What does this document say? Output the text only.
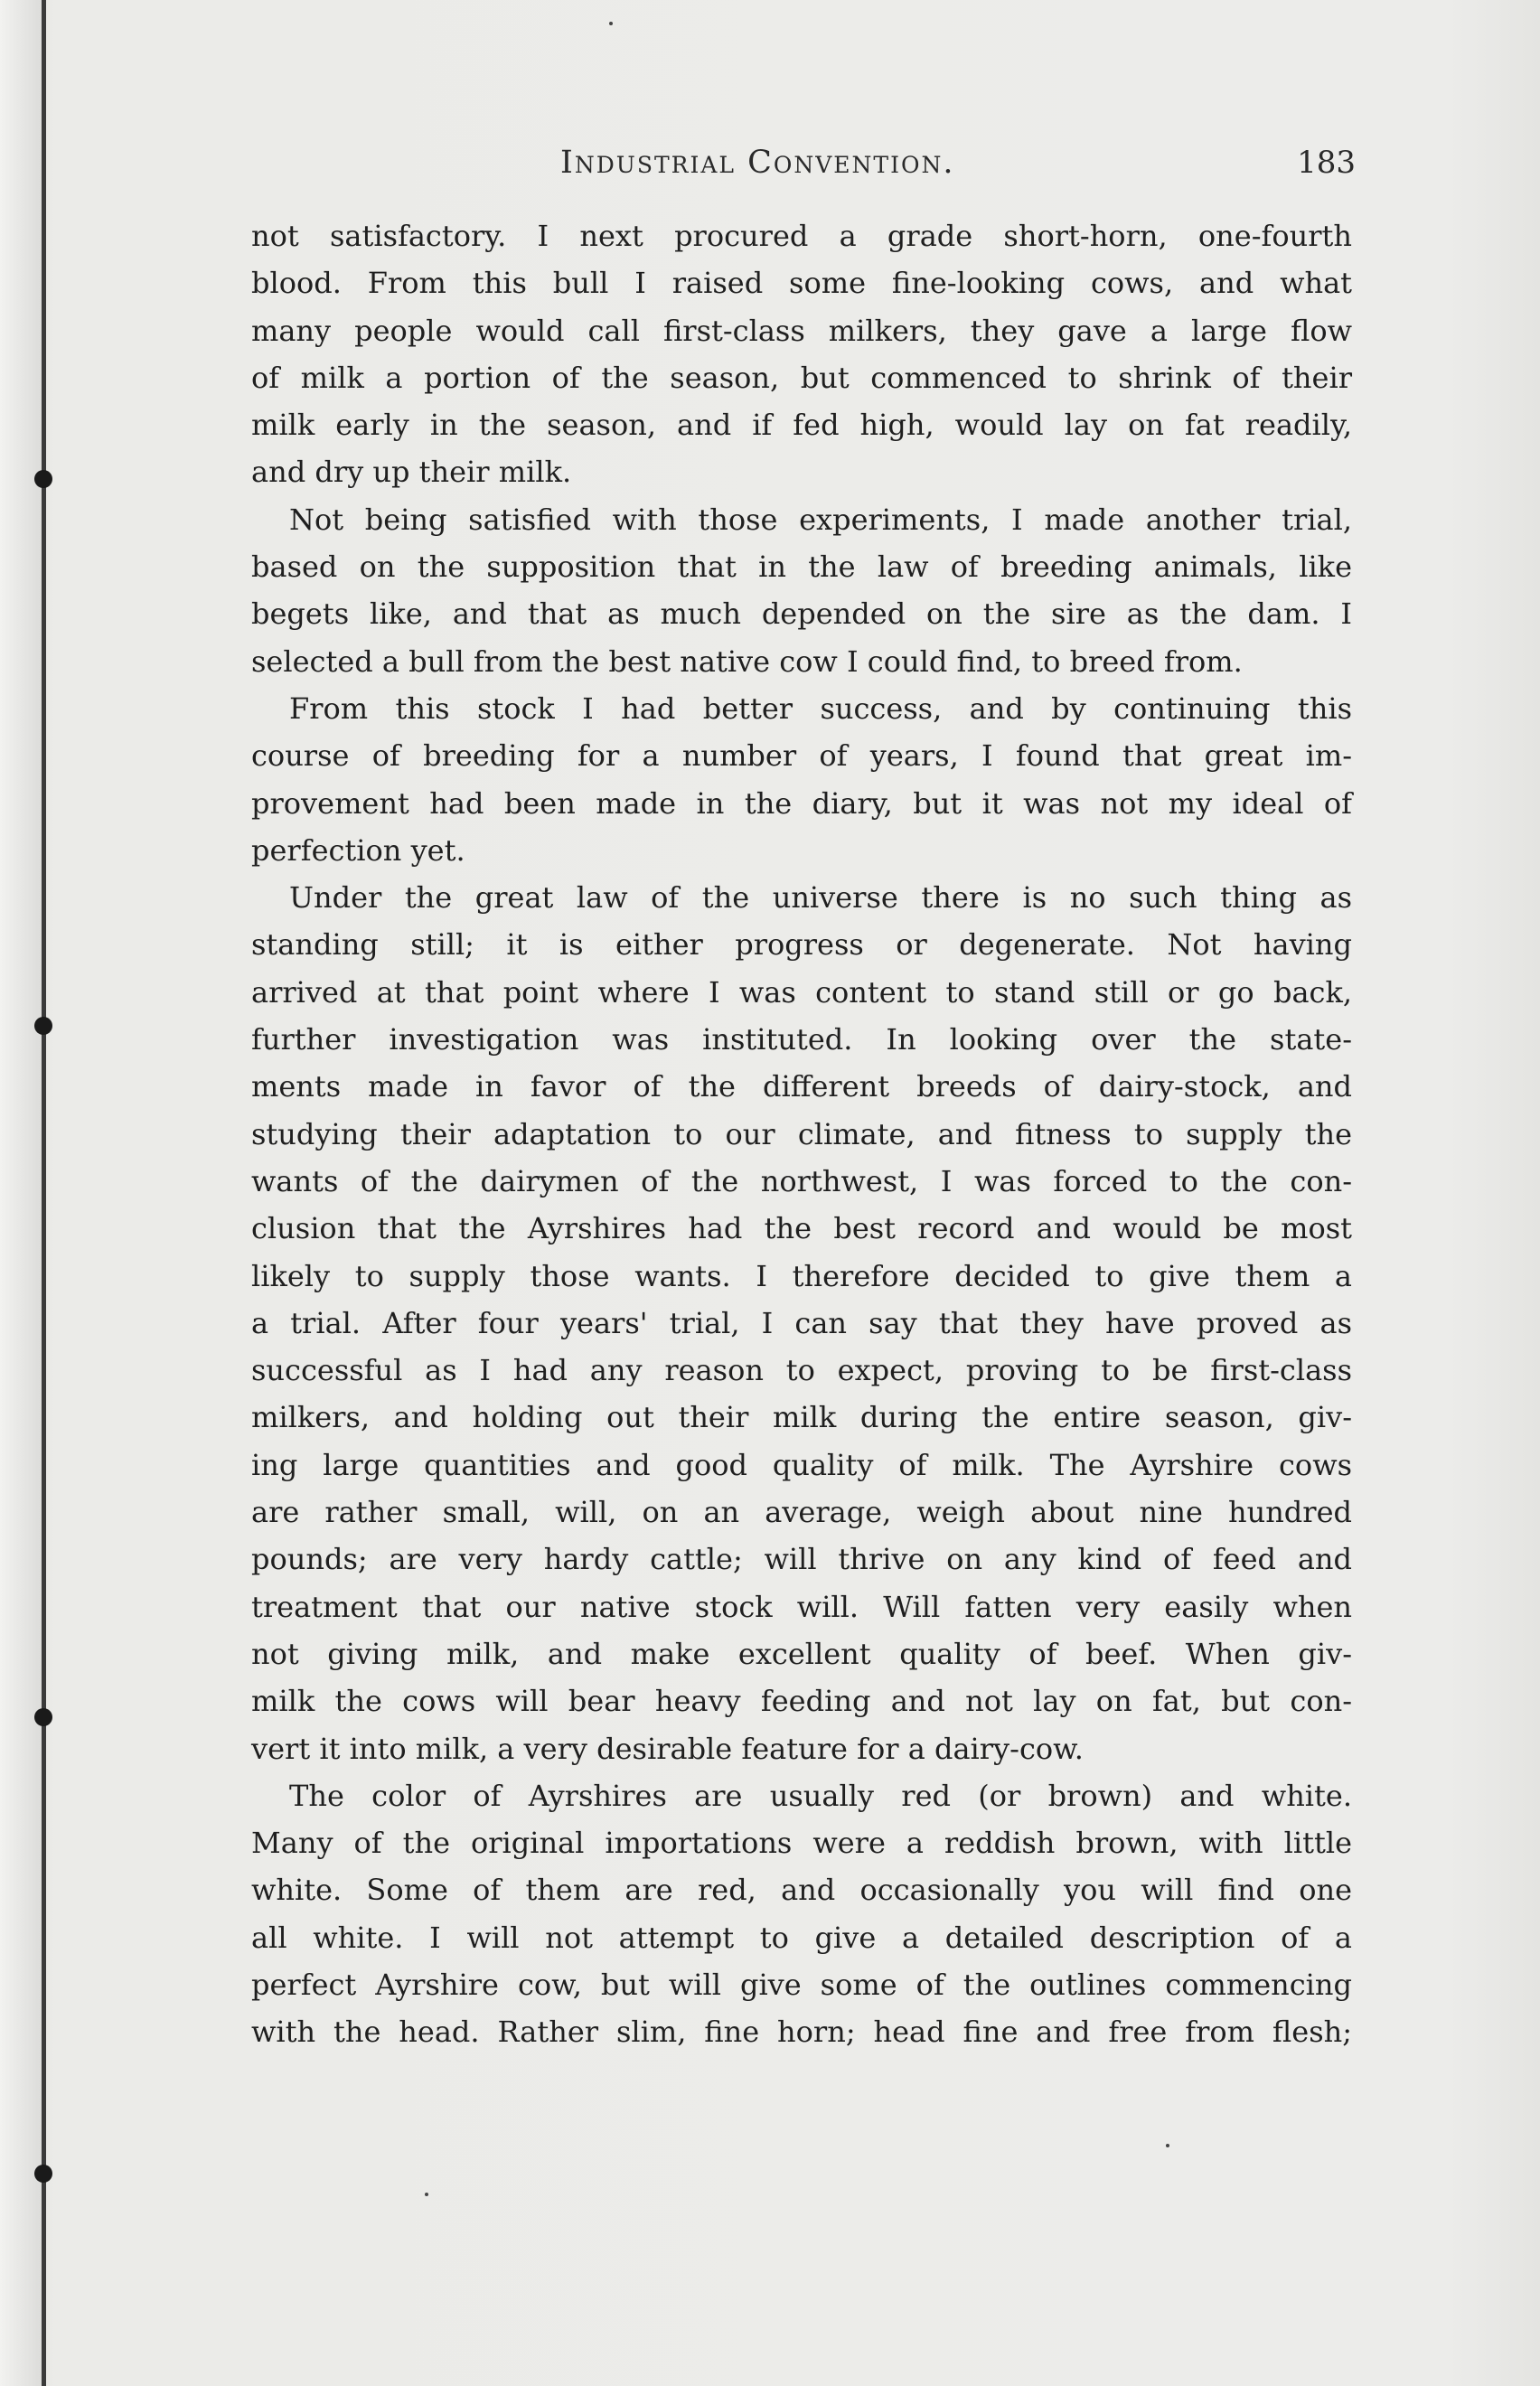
Industrial Convention.	183
not satisfactory. I next procured a grade short-horn, one-fourth
blood. From this bull I raised some fine-looking cows, and what
many people would call first-class milkers, they gave a large flow
of milk a portion of the season, but commenced to shrink of their
milk early in the season, and if fed high, would lay on fat readily,
and dry up their milk.
Not being satisfied with those experiments, I made another trial,
based on the supposition that in the law of breeding animals, like
begets like, and that as much depended on the sire as the dam. I
selected a bull from the best native cow I could find, to breed from.
From this stock I had better success, and by continuing this
course of breeding for a number of years, I found that great im-
provement had been made in the diary, but it was not my ideal of
perfection yet.
Under the great law of the universe there is no such thing as
standing still; it is either progress or degenerate. Not having
arrived at that point where I was content to stand still or go back,
further investigation was instituted. In looking over the state-
ments made in favor of the different breeds of dairy-stock, and
studying their adaptation to our climate, and fitness to supply the
wants of the dairymen of the northwest, I was forced to the con-
clusion that the Ayrshires had the best record and would be most
likely to supply those wants. I therefore decided to give them a
a trial. After four years' trial, I can say that they have proved as
successful as I had any reason to expect, proving to be first-class
milkers, and holding out their milk during the entire season, giv-
ing large quantities and good quality of milk. The Ayrshire cows
are rather small, will, on an average, weigh about nine hundred
pounds; are very hardy cattle; will thrive on any kind of feed and
treatment that our native stock will. Will fatten very easily when
not giving milk, and make excellent quality of beef. When giv-
milk the cows will bear heavy feeding and not lay on fat, but con-
vert it into milk, a very desirable feature for a dairy-cow.
The color of Ayrshires are usually red (or brown) and white.
Many of the original importations were a reddish brown, with little
white. Some of them are red, and occasionally you will find one
all white. I will not attempt to give a detailed description of a
perfect Ayrshire cow, but will give some of the outlines commencing
with the head. Rather slim, fine horn; head fine and free from flesh;
